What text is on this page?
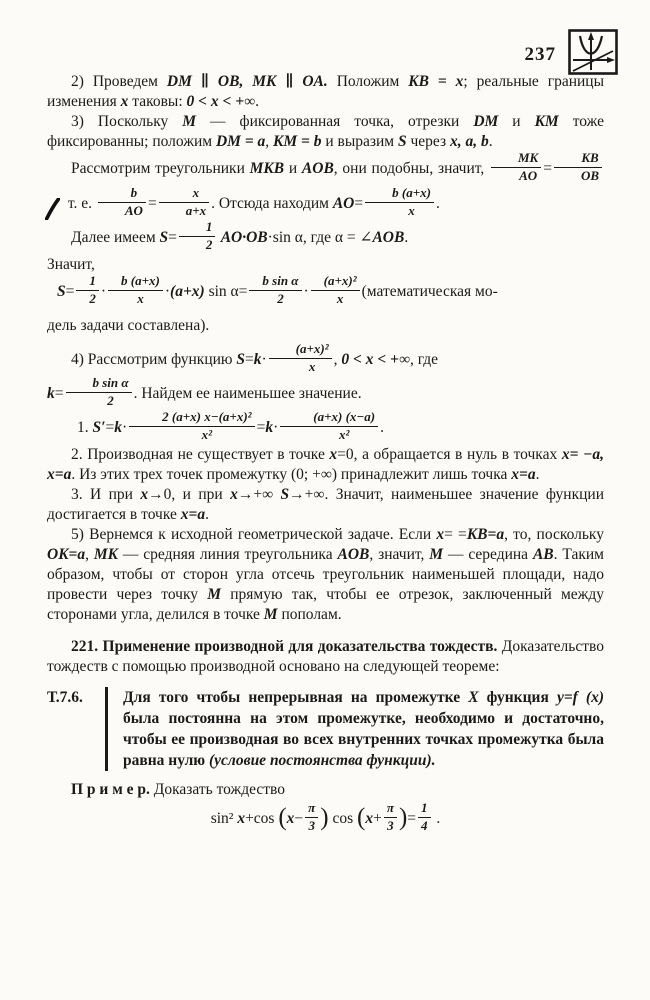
237

2) Проведем DM ∥ OB, MK ∥ OA. Положим KB = x; реальные границы изменения x таковы: 0 < x < +∞.

3) Поскольку M — фиксированная точка, отрезки DM и KM тоже фиксированны; положим DM = a, KM = b и выразим S через x, a, b.

Рассмотрим треугольники MKB и AOB, они подобны, значит, $\frac{MK}{AO} = \frac{KB}{OB}$
т. е. $\frac{b}{AO} = \frac{x}{a+x}$ . Отсюда находим $AO= \frac{b (a+x)}{x}$ .

Далее имеем $S= \frac{1}{2} AO\cdot OB\cdot\sin$ α, где α = ∠AOB.

Значит,

$S= \frac{1}{2} \cdot \frac{b (a+x)}{x} \cdot(a+x)$ $\sin \alpha= \frac{\text{b sin α}}{2} \cdot \frac{\text{(a+x)²}}{x}$ (математическая мо-
дель задачи составлена).

4) Рассмотрим функцию $S=k\cdot \frac{\text{(a+x)²}}{x}$ , 0 < x < +∞, где
$k= \frac{\text{b sin α}}{2}$ . Найдем ее наименьшее значение.

1. $S'=k\cdot \frac{\text{2 (a+x) x−(a+x)²}}{\text{x²}} =k\cdot \frac{(a+x) (x-a)}{\text{x²}}$ .

2. Производная не существует в точке x=0, а обращается в нуль в точках x= −a, x=a. Из этих трех точек промежутку (0; +∞) принадлежит лишь точка x=a.

3. И при x→0, и при x→+∞ S→+∞. Значит, наименьшее значение функции достигается в точке x=a.

5) Вернемся к исходной геометрической задаче. Если x= =KB=a, то, поскольку OK=a, MK — средняя линия треугольника AOB, значит, M — середина AB. Таким образом, чтобы от сторон угла отсечь треугольник наименьшей площади, надо провести через точку M прямую так, чтобы ее отрезок, заключенный между сторонами угла, делился в точке M пополам.

221. Применение производной для доказательства тождеств. Доказательство тождеств с помощью производной основано на следующей теореме:

Т.7.6.	Для того чтобы непрерывная на промежутке X функция y=f (x) была постоянна на этом промежутке, необходимо и достаточно, чтобы ее производная во всех внутренних точках промежутка была равна нулю (условие постоянства функции).

П р и м е р. Доказать тождество

sin² x+cos ($x- \frac{\pi}{3}$ ) $\cos (x+ \frac{\pi}{3}$ )= $\frac{1}{4}$ .
